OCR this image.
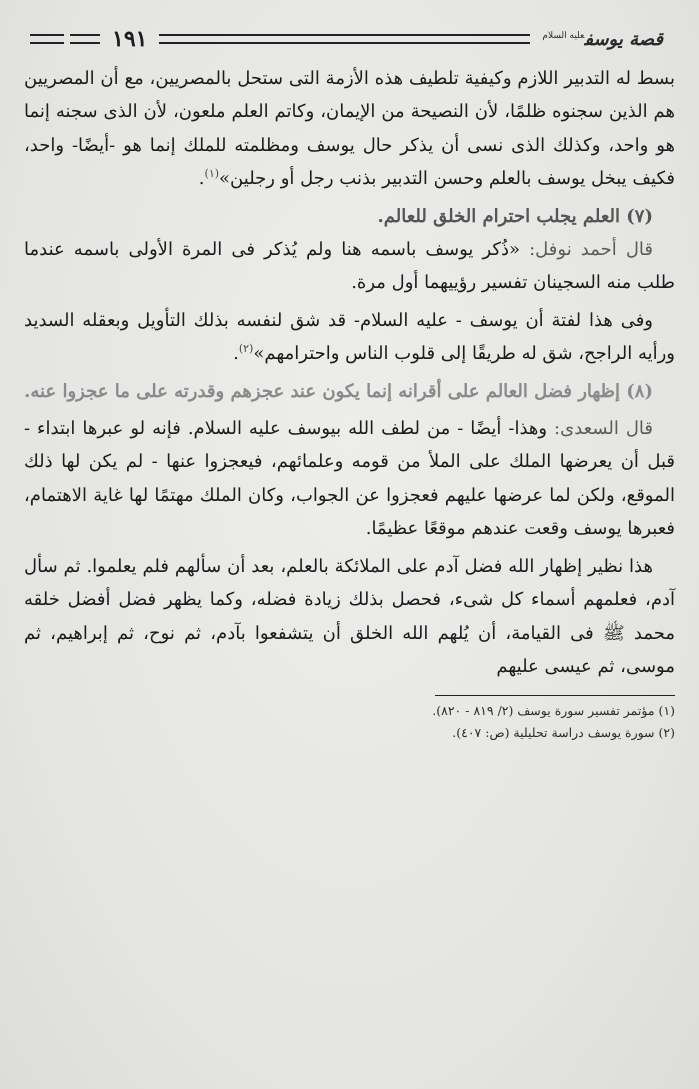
قصة يوسف$^{عليه السلام}$
١٩١

بسط له التدبير اللازم وكيفية تلطيف هذه الأزمة التى ستحل بالمصريين، مع أن المصريين هم الذين سجنوه ظلمًا، لأن النصيحة من الإيمان، وكاتم العلم ملعون، لأن الذى سجنه إنما هو واحد، وكذلك الذى نسى أن يذكر حال يوسف ومظلمته للملك إنما هو -أيضًا- واحد، فكيف يبخل يوسف بالعلم وحسن التدبير بذنب رجل أو رجلين»$^{(١)}$.

(٧) العلم يجلب احترام الخلق للعالم.

قال أحمد نوفل: «ذُكر يوسف باسمه هنا ولم يُذكر فى المرة الأولى باسمه عندما طلب منه السجينان تفسير رؤييهما أول مرة.

وفى هذا لفتة أن يوسف - عليه السلام- قد شق لنفسه بذلك التأويل وبعقله السديد ورأيه الراجح، شق له طريقًا إلى قلوب الناس واحترامهم»$^{(٢)}$.

(٨) إظهار فضل العالم على أقرانه إنما يكون عند عجزهم وقدرته على ما عجزوا عنه.

قال السعدى: وهذا- أيضًا - من لطف الله بيوسف عليه السلام. فإنه لو عبرها ابتداء - قبل أن يعرضها الملك على الملأ من قومه وعلمائهم، فيعجزوا عنها - لم يكن لها ذلك الموقع، ولكن لما عرضها عليهم فعجزوا عن الجواب، وكان الملك مهتمًا لها غاية الاهتمام، فعبرها يوسف وقعت عندهم موقعًا عظيمًا.

هذا نظير إظهار الله فضل آدم على الملائكة بالعلم، بعد أن سألهم فلم يعلموا. ثم سأل آدم، فعلمهم أسماء كل شىء، فحصل بذلك زيادة فضله، وكما يظهر فضل أفضل خلقه محمد ﷺ فى القيامة، أن يُلهم الله الخلق أن يتشفعوا بآدم، ثم نوح، ثم إبراهيم، ثم موسى، ثم عيسى عليهم

(١) مؤتمر تفسير سورة يوسف (٢/ ٨١٩ - ٨٢٠).

(٢) سورة يوسف دراسة تحليلية (ص: ٤٠٧).
